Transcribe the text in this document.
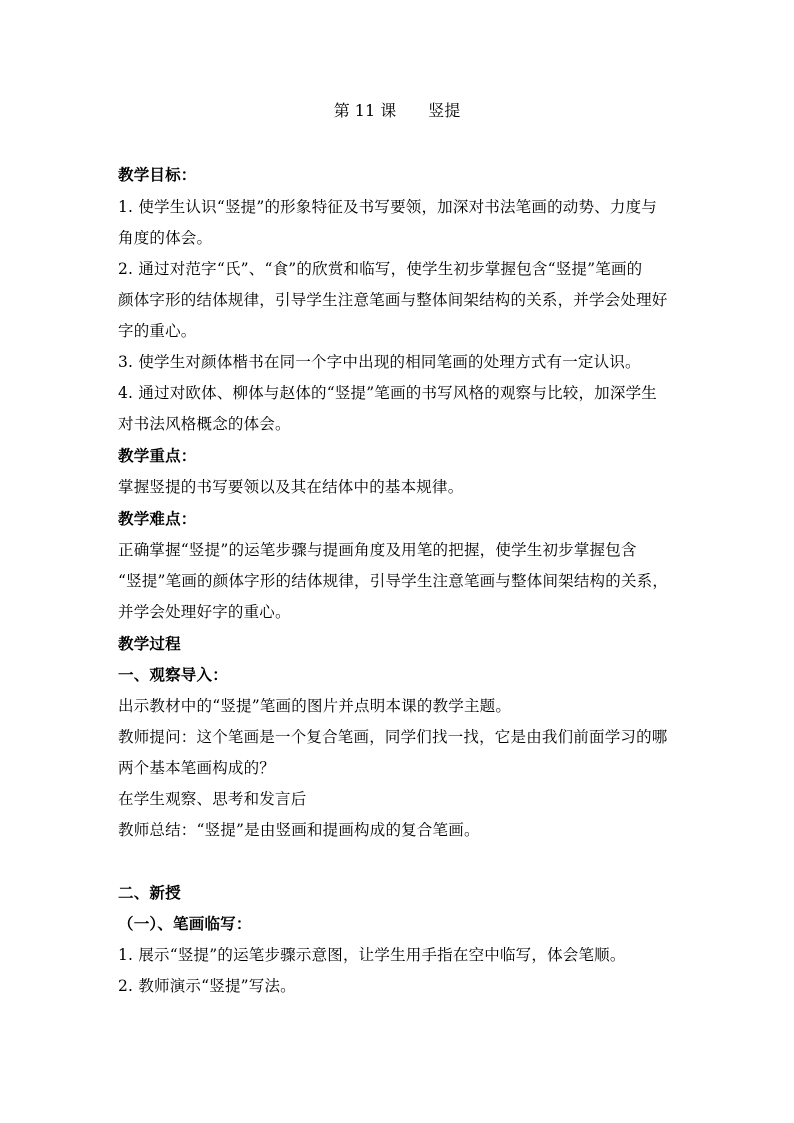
第 11 课　　竖提
教学目标：
1. 使学生认识“竖提”的形象特征及书写要领，加深对书法笔画的动势、力度与
角度的体会。
2. 通过对范字“氏”、“食”的欣赏和临写，使学生初步掌握包含“竖提”笔画的
颜体字形的结体规律，引导学生注意笔画与整体间架结构的关系，并学会处理好
字的重心。
3. 使学生对颜体楷书在同一个字中出现的相同笔画的处理方式有一定认识。
4. 通过对欧体、柳体与赵体的“竖提”笔画的书写风格的观察与比较，加深学生
对书法风格概念的体会。
教学重点：
掌握竖提的书写要领以及其在结体中的基本规律。
教学难点：
正确掌握“竖提”的运笔步骤与提画角度及用笔的把握，使学生初步掌握包含
“竖提”笔画的颜体字形的结体规律，引导学生注意笔画与整体间架结构的关系，
并学会处理好字的重心。
教学过程
一、观察导入：
出示教材中的“竖提”笔画的图片并点明本课的教学主题。
教师提问：这个笔画是一个复合笔画，同学们找一找，它是由我们前面学习的哪
两个基本笔画构成的？
在学生观察、思考和发言后
教师总结：“竖提”是由竖画和提画构成的复合笔画。
二、新授
（一）、笔画临写：
1. 展示“竖提”的运笔步骤示意图，让学生用手指在空中临写，体会笔顺。
2. 教师演示“竖提”写法。
